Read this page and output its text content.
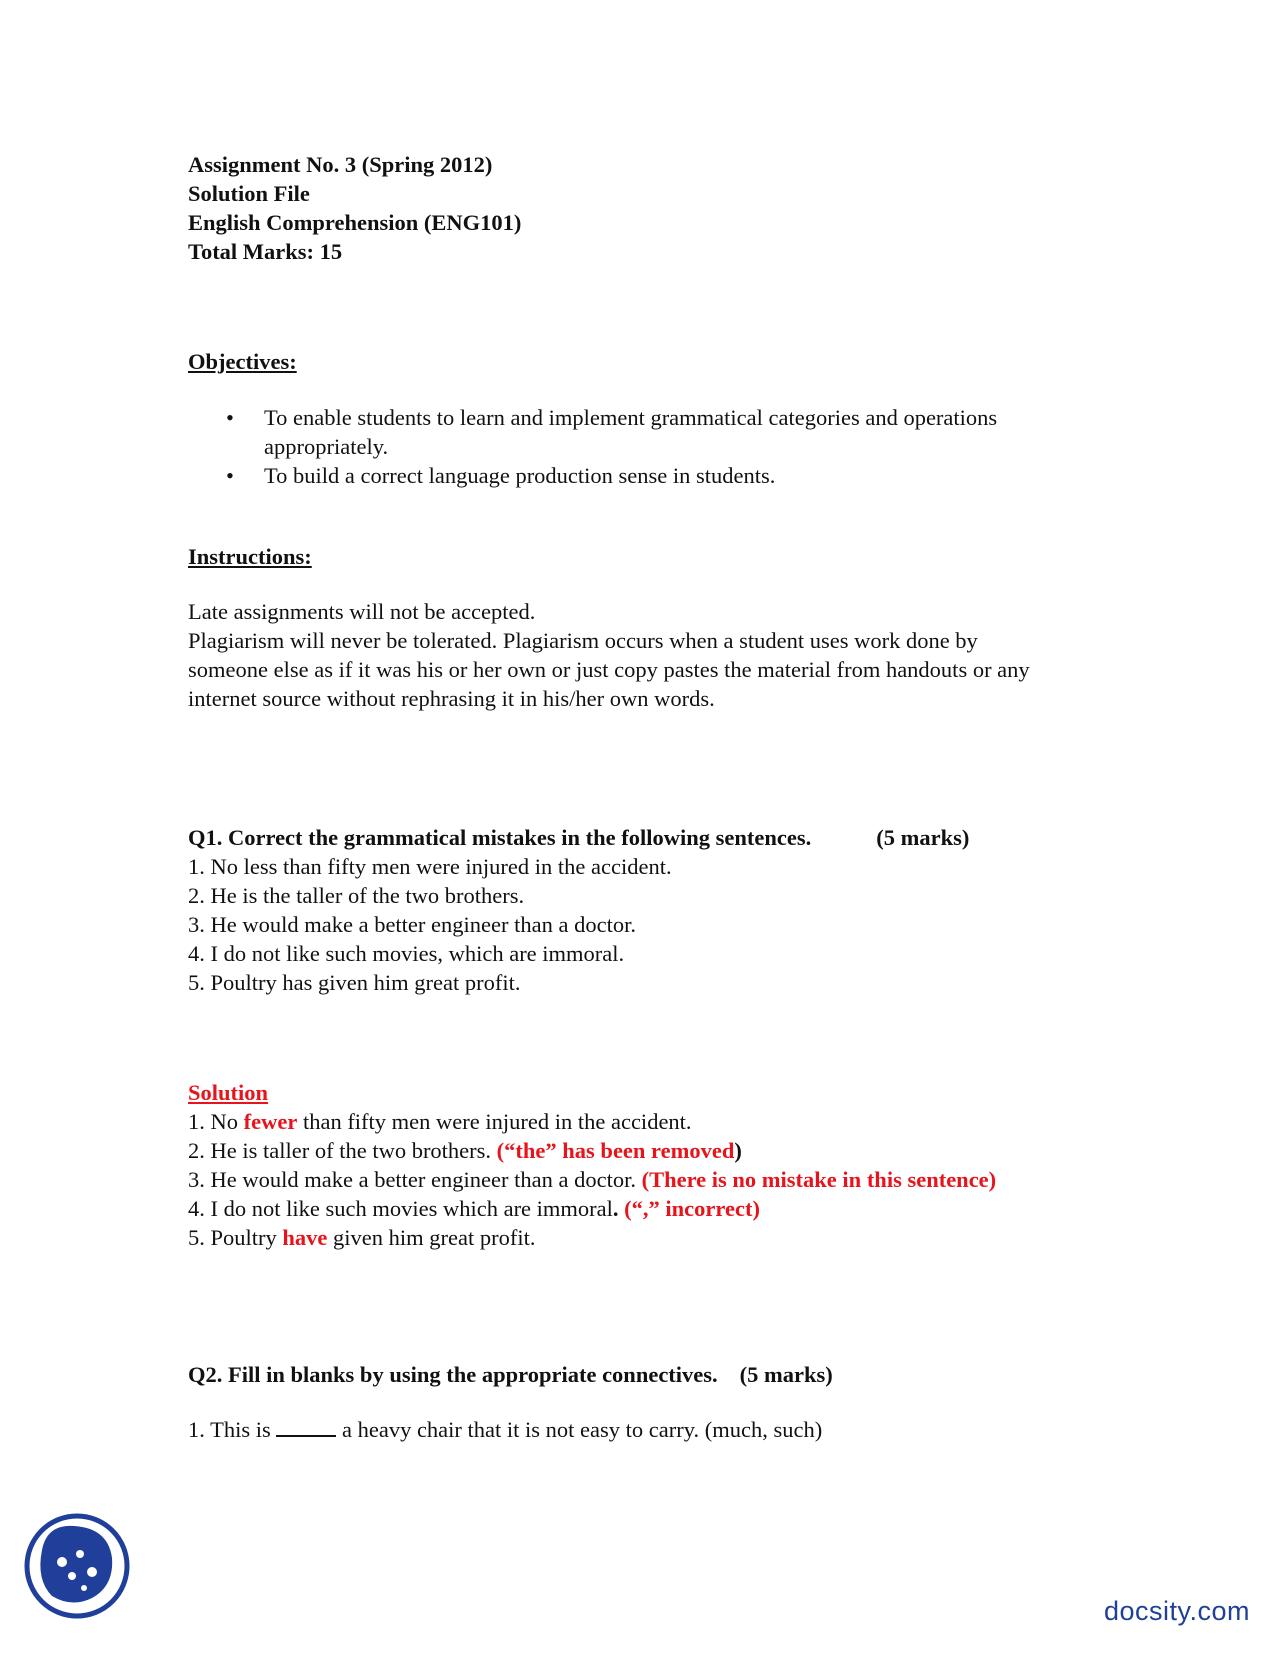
Assignment No. 3 (Spring 2012)
Solution File
English Comprehension (ENG101)
Total Marks: 15
Objectives:
• To enable students to learn and implement grammatical categories and operations appropriately.
• To build a correct language production sense in students.
Instructions:
Late assignments will not be accepted.
Plagiarism will never be tolerated. Plagiarism occurs when a student uses work done by someone else as if it was his or her own or just copy pastes the material from handouts or any internet source without rephrasing it in his/her own words.
Q1. Correct the grammatical mistakes in the following sentences.	(5 marks)
1. No less than fifty men were injured in the accident.
2. He is the taller of the two brothers.
3. He would make a better engineer than a doctor.
4. I do not like such movies, which are immoral.
5. Poultry has given him great profit.
Solution
1. No fewer than fifty men were injured in the accident.
2. He is taller of the two brothers. (“the” has been removed)
3. He would make a better engineer than a doctor. (There is no mistake in this sentence)
4. I do not like such movies which are immoral. (“,” incorrect)
5. Poultry have given him great profit.
Q2. Fill in blanks by using the appropriate connectives. (5 marks)
1. This is	a heavy chair that it is not easy to carry. (much, such)
docsity.com
